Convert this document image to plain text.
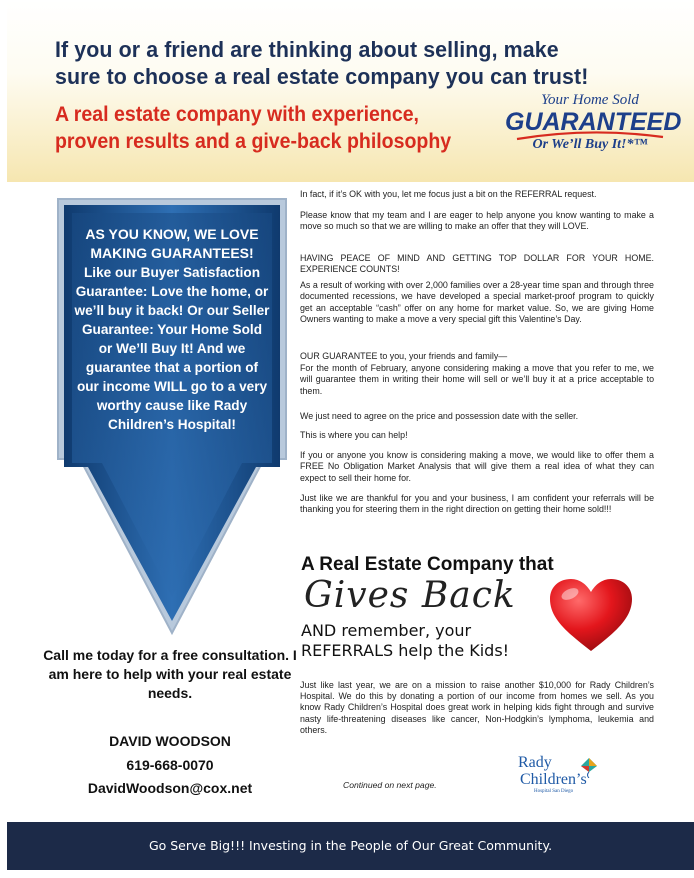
If you or a friend are thinking about selling, make sure to choose a real estate company you can trust!
A real estate company with experience, proven results and a give-back philosophy
Your Home Sold
GUARANTEED
Or We’ll Buy It!*™
AS YOU KNOW, WE LOVE MAKING GUARANTEES!
Like our Buyer Satisfaction Guarantee: Love the home, or we’ll buy it back! Or our Seller Guarantee: Your Home Sold or We’ll Buy It! And we guarantee that a portion of our income WILL go to a very worthy cause like Rady Children’s Hospital!
Call me today for a free consultation. I am here to help with your real estate needs.
DAVID WOODSON
619-668-0070
DavidWoodson@cox.net
In fact, if it’s OK with you, let me focus just a bit on the REFERRAL request.
Please know that my team and I are eager to help anyone you know wanting to make a move so much so that we are willing to make an offer that they will LOVE.
HAVING PEACE OF MIND AND GETTING TOP DOLLAR FOR YOUR HOME. EXPERIENCE COUNTS!
As a result of working with over 2,000 families over a 28-year time span and through three documented recessions, we have developed a special market-proof program to quickly get an acceptable “cash” offer on any home for market value. So, we are giving Home Owners wanting to make a move a very special gift this Valentine’s Day.
OUR GUARANTEE to you, your friends and family—
For the month of February, anyone considering making a move that you refer to me, we will guarantee them in writing their home will sell or we’ll buy it at a price acceptable to them.
We just need to agree on the price and possession date with the seller.
This is where you can help!
If you or anyone you know is considering making a move, we would like to offer them a FREE No Obligation Market Analysis that will give them a real idea of what they can expect to sell their home for.
Just like we are thankful for you and your business, I am confident your referrals will be thanking you for steering them in the right direction on getting their home sold!!!
A Real Estate Company that
Gives Back
AND remember, your
REFERRALS help the Kids!
Just like last year, we are on a mission to raise another $10,000 for Rady Children’s Hospital. We do this by donating a portion of our income from homes we sell. As you know Rady Children’s Hospital does great work in helping kids fight through and survive nasty life-threatening diseases like cancer, Non-Hodgkin’s lymphoma, leukemia and others.
Continued on next page.
Rady
Children’s
Hospital San Diego
Go Serve Big!!! Investing in the People of Our Great Community.
